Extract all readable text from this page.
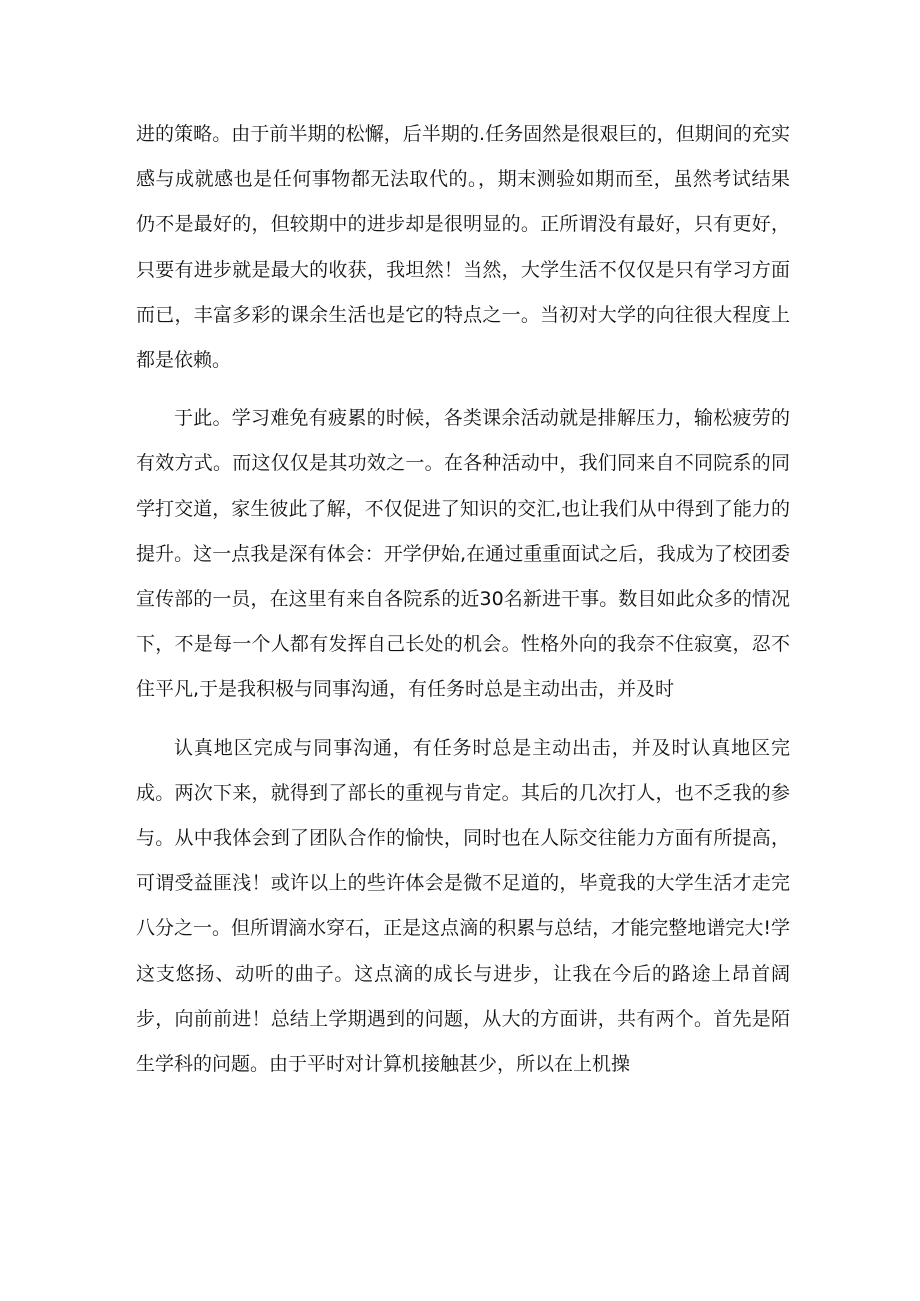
进的策略。由于前半期的松懈，后半期的.任务固然是很艰巨的，但期间的充实感与成就感也是任何事物都无法取代的。，期末测验如期而至，虽然考试结果仍不是最好的，但较期中的进步却是很明显的。正所谓没有最好，只有更好，只要有进步就是最大的收获，我坦然！当然，大学生活不仅仅是只有学习方面而已，丰富多彩的课余生活也是它的特点之一。当初对大学的向往很大程度上都是依赖。

于此。学习难免有疲累的时候，各类课余活动就是排解压力，输松疲劳的有效方式。而这仅仅是其功效之一。在各种活动中，我们同来自不同院系的同学打交道，家生彼此了解，不仅促进了知识的交汇,也让我们从中得到了能力的提升。这一点我是深有体会：开学伊始,在通过重重面试之后，我成为了校团委宣传部的一员，在这里有来自各院系的近30名新进干事。数目如此众多的情况下，不是每一个人都有发挥自己长处的机会。性格外向的我奈不住寂寞，忍不住平凡,于是我积极与同事沟通，有任务时总是主动出击，并及时

认真地区完成与同事沟通，有任务时总是主动出击，并及时认真地区完成。两次下来，就得到了部长的重视与肯定。其后的几次打人，也不乏我的参与。从中我体会到了团队合作的愉快，同时也在人际交往能力方面有所提高，可谓受益匪浅！或许以上的些许体会是微不足道的，毕竟我的大学生活才走完八分之一。但所谓滴水穿石，正是这点滴的积累与总结，才能完整地谱完大!学这支悠扬、动听的曲子。这点滴的成长与进步，让我在今后的路途上昂首阔步，向前前进！总结上学期遇到的问题，从大的方面讲，共有两个。首先是陌生学科的问题。由于平时对计算机接触甚少，所以在上机操
